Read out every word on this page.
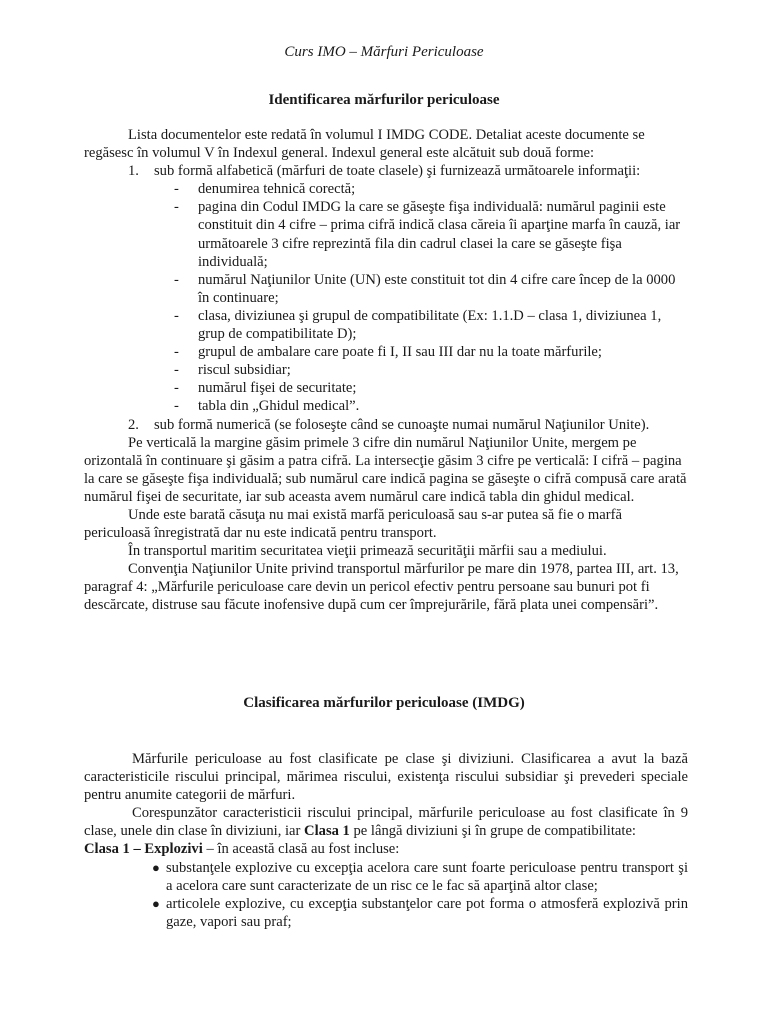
Curs IMO – Mărfuri Periculoase
Identificarea mărfurilor periculoase

Lista documentelor este redată în volumul I IMDG CODE. Detaliat aceste documente se regăsesc în volumul V în Indexul general. Indexul general este alcătuit sub două forme:

1. sub formă alfabetică (mărfuri de toate clasele) şi furnizează următoarele informaţii:

- denumirea tehnică corectă;
- pagina din Codul IMDG la care se găseşte fişa individuală: numărul paginii este constituit din 4 cifre – prima cifră indică clasa căreia îi aparţine marfa în cauză, iar următoarele 3 cifre reprezintă fila din cadrul clasei la care se găseşte fişa individuală;
- numărul Naţiunilor Unite (UN) este constituit tot din 4 cifre care încep de la 0000 în continuare;
- clasa, diviziunea şi grupul de compatibilitate (Ex: 1.1.D – clasa 1, diviziunea 1, grup de compatibilitate D);
- grupul de ambalare care poate fi I, II sau III dar nu la toate mărfurile;
- riscul subsidiar;
- numărul fişei de securitate;
- tabla din „Ghidul medical”.

2. sub formă numerică (se foloseşte când se cunoaşte numai numărul Naţiunilor Unite).

Pe verticală la margine găsim primele 3 cifre din numărul Naţiunilor Unite, mergem pe orizontală în continuare şi găsim a patra cifră. La intersecţie găsim 3 cifre pe verticală: I cifră – pagina la care se găseşte fişa individuală; sub numărul care indică pagina se găseşte o cifră compusă care arată numărul fişei de securitate, iar sub aceasta avem numărul care indică tabla din ghidul medical.

Unde este barată căsuţa nu mai există marfă periculoasă sau s-ar putea să fie o marfă periculoasă înregistrată dar nu este indicată pentru transport.

În transportul maritim securitatea vieţii primează securităţii mărfii sau a mediului.

Convenţia Naţiunilor Unite privind transportul mărfurilor pe mare din 1978, partea III, art. 13, paragraf 4: „Mărfurile periculoase care devin un pericol efectiv pentru persoane sau bunuri pot fi descărcate, distruse sau făcute inofensive după cum cer împrejurările, fără plata unei compensări”.

Clasificarea mărfurilor periculoase (IMDG)

Mărfurile periculoase au fost clasificate pe clase şi diviziuni. Clasificarea a avut la bază caracteristicile riscului principal, mărimea riscului, existenţa riscului subsidiar şi prevederi speciale pentru anumite categorii de mărfuri.

Corespunzător caracteristicii riscului principal, mărfurile periculoase au fost clasificate în 9 clase, unele din clase în diviziuni, iar Clasa 1 pe lângă diviziuni şi în grupe de compatibilitate:

Clasa 1 – Explozivi – în această clasă au fost incluse:

● substanţele explozive cu excepţia acelora care sunt foarte periculoase pentru transport şi a acelora care sunt caracterizate de un risc ce le fac să aparţină altor clase;
● articolele explozive, cu excepţia substanţelor care pot forma o atmosferă explozivă prin gaze, vapori sau praf;
